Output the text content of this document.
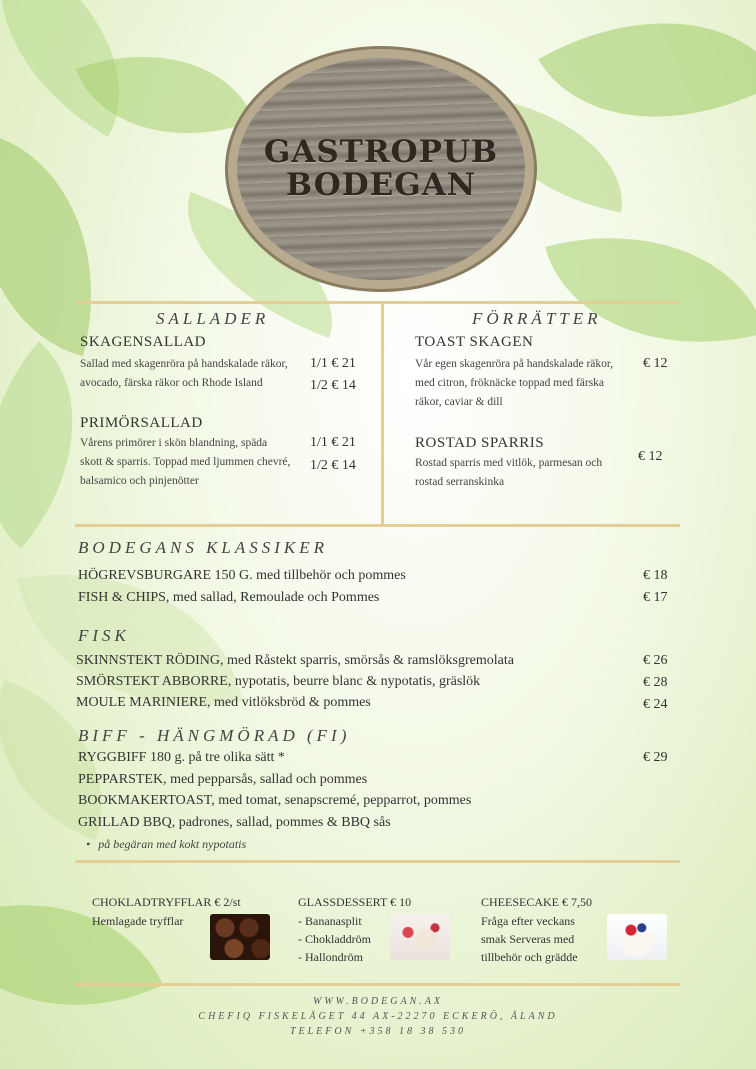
GASTROPUB
BODEGAN
SALLADER
SKAGENSALLAD
Sallad med skagenröra på handskalade räkor, avocado, färska räkor och Rhode Island
1/1 € 21
1/2 € 14
PRIMÖRSALLAD
Vårens primörer i skön blandning, späda skott & sparris. Toppad med ljummen chevré, balsamico och pinjenötter
1/1 € 21
1/2 € 14
FÖRRÄTTER
TOAST SKAGEN
Vår egen skagenröra på handskalade räkor, med citron, fröknäcke toppad med färska räkor, caviar & dill
€ 12
ROSTAD SPARRIS
Rostad sparris med vitlök, parmesan och rostad serranskinka
€ 12
BODEGANS KLASSIKER
HÖGREVSBURGARE 150 G. med tillbehör och pommes	€ 18
FISH & CHIPS, med sallad, Remoulade och Pommes	€ 17
FISK
SKINNSTEKT RÖDING, med Råstekt sparris, smörsås & ramslöksgremolata	€ 26
SMÖRSTEKT ABBORRE, nypotatis, beurre blanc & nypotatis, gräslök	€ 28
MOULE MARINIERE, med vitlöksbröd & pommes	€ 24
BIFF - HÄNGMÖRAD (FI)
RYGGBIFF 180 g. på tre olika sätt *	€ 29
PEPPARSTEK, med pepparsås, sallad och pommes
BOOKMAKERTOAST, med tomat, senapscremé, pepparrot, pommes
GRILLAD BBQ, padrones, sallad, pommes & BBQ sås
• på begäran med kokt nypotatis
CHOKLADTRYFFLAR € 2/st
Hemlagade tryfflar
GLASSDESSERT € 10
- Bananasplit
- Chokladdröm
- Hallondröm
CHEESECAKE € 7,50
Fråga efter veckans
smak Serveras med
tillbehör och grädde
WWW.BODEGAN.AX
CHEFIQ FISKELÄGET 44 AX-22270 ECKERÖ, ÅLAND
TELEFON +358 18 38 530
